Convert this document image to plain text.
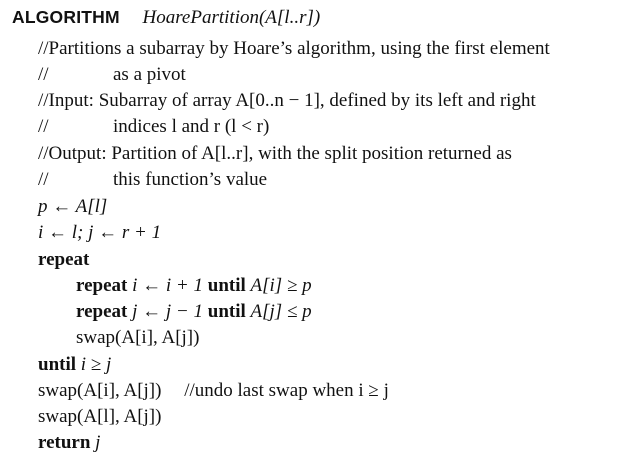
ALGORITHM HoarePartition(A[l..r])
//Partitions a subarray by Hoare’s algorithm, using the first element
//	as a pivot
//Input: Subarray of array A[0..n − 1], defined by its left and right
//	indices l and r (l < r)
//Output: Partition of A[l..r], with the split position returned as
//	this function’s value
p ← A[l]
i ← l; j ← r + 1
repeat
repeat i ← i + 1 until A[i] ≥ p
repeat j ← j − 1 until A[j] ≤ p
swap(A[i], A[j])
until i ≥ j
swap(A[i], A[j]) //undo last swap when i ≥ j
swap(A[l], A[j])
return j
